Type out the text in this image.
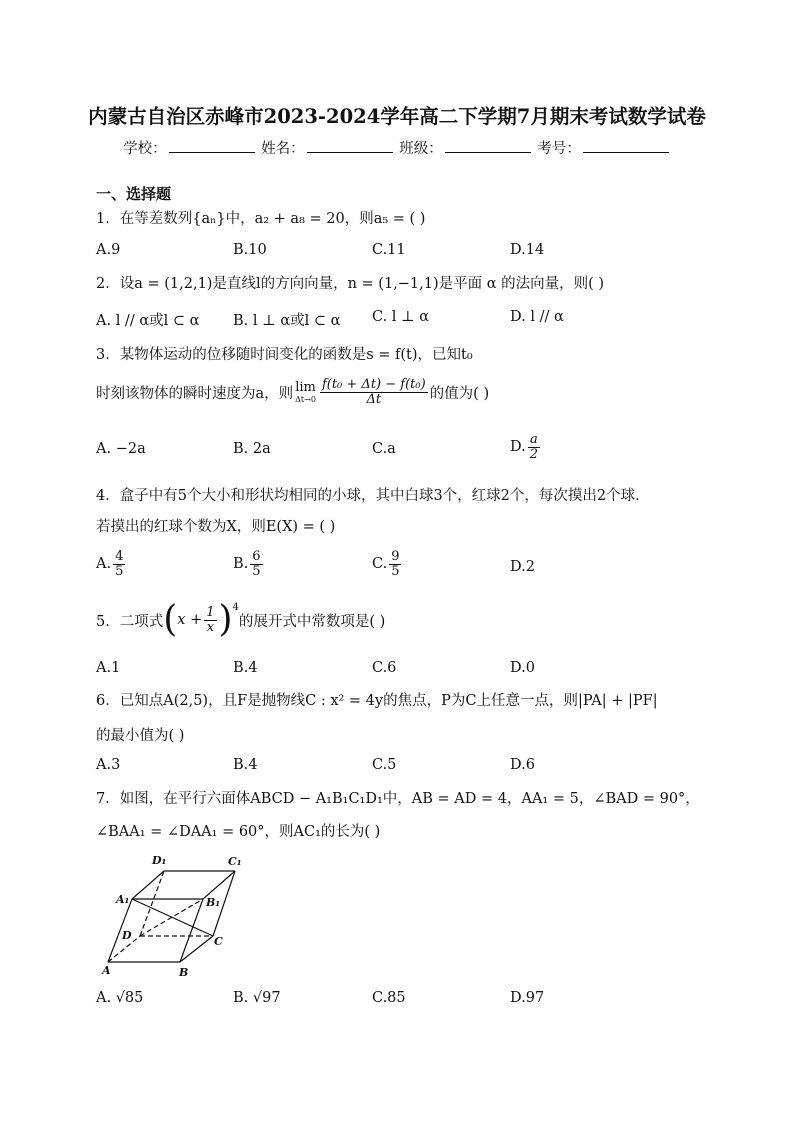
内蒙古自治区赤峰市2023-2024学年高二下学期7月期末考试数学试卷
学校：	姓名：	班级：	考号：
一、选择题
1．在等差数列{aₙ}中，a₂ + a₈ = 20，则a₅ = ( )
A.9	B.10	C.11	D.14
2．设a = (1,2,1)是直线l的方向向量，n = (1,−1,1)是平面 α 的法向量，则( )
A. l // α或l ⊂ α B. l ⊥ α或l ⊂ α C. l ⊥ α	D. l // α
3．某物体运动的位移随时间变化的函数是s = f(t)，已知t₀
时刻该物体的瞬时速度为a，则 lim
$\Delta t\to 0 \frac{\text{f(t₀ + Δt) − f(t₀)}}{\Delta t}$ 的值为( )
A. −2a	B. 2a	C.a	D. $\frac{a}{2}$
4．盒子中有5个大小和形状均相同的小球，其中白球3个，红球2个，每次摸出2个球.
若摸出的红球个数为X，则E(X) = ( )
A. $\frac{4}{5}$	B. $\frac{6}{5}$	C. $\frac{9}{5}$	D.2
5．二项式 ( $x + \frac{1}{x}$ ) 4
的展开式中常数项是( )
A.1	B.4	C.6	D.0
6．已知点A(2,5)，且F是抛物线C : x² = 4y的焦点，P为C上任意一点，则|PA| + |PF|
的最小值为( )
A.3	B.4	C.5	D.6
7．如图，在平行六面体ABCD − A₁B₁C₁D₁中，AB = AD = 4，AA₁ = 5，∠BAD = 90°，
∠BAA₁ = ∠DAA₁ = 60°，则AC₁的长为( )
D₁	C₁
A₁	B₁
D	C
A	B
A. √85	B. √97	C.85	D.97
